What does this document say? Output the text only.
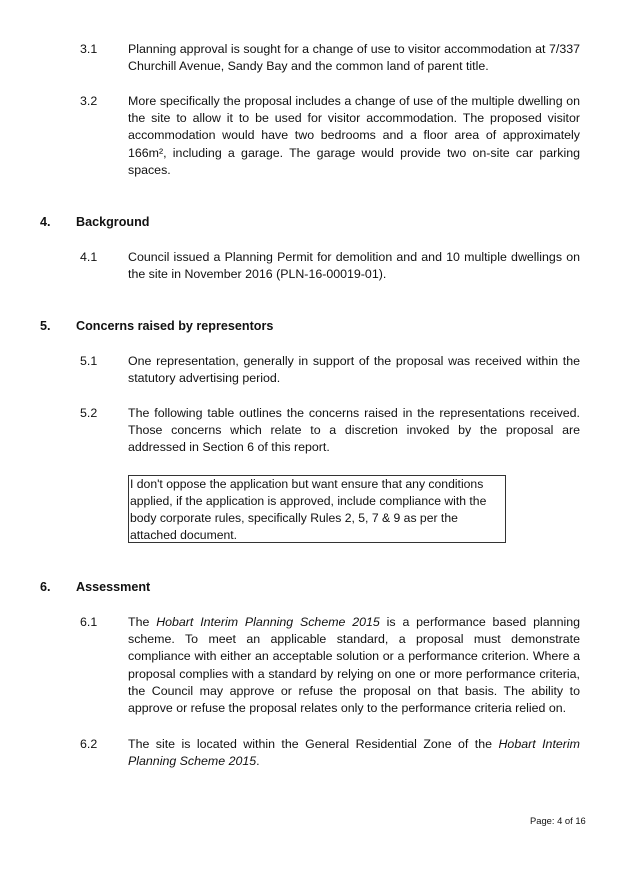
3.1 Planning approval is sought for a change of use to visitor accommodation at 7/337 Churchill Avenue, Sandy Bay and the common land of parent title.
3.2 More specifically the proposal includes a change of use of the multiple dwelling on the site to allow it to be used for visitor accommodation. The proposed visitor accommodation would have two bedrooms and a floor area of approximately 166m², including a garage. The garage would provide two on-site car parking spaces.
4. Background
4.1 Council issued a Planning Permit for demolition and and 10 multiple dwellings on the site in November 2016 (PLN-16-00019-01).
5. Concerns raised by representors
5.1 One representation, generally in support of the proposal was received within the statutory advertising period.
5.2 The following table outlines the concerns raised in the representations received. Those concerns which relate to a discretion invoked by the proposal are addressed in Section 6 of this report.
I don't oppose the application but want ensure that any conditions applied, if the application is approved, include compliance with the body corporate rules, specifically Rules 2, 5, 7 & 9 as per the attached document.
6. Assessment
6.1 The Hobart Interim Planning Scheme 2015 is a performance based planning scheme. To meet an applicable standard, a proposal must demonstrate compliance with either an acceptable solution or a performance criterion. Where a proposal complies with a standard by relying on one or more performance criteria, the Council may approve or refuse the proposal on that basis. The ability to approve or refuse the proposal relates only to the performance criteria relied on.
6.2 The site is located within the General Residential Zone of the Hobart Interim Planning Scheme 2015.
Page: 4 of 16
